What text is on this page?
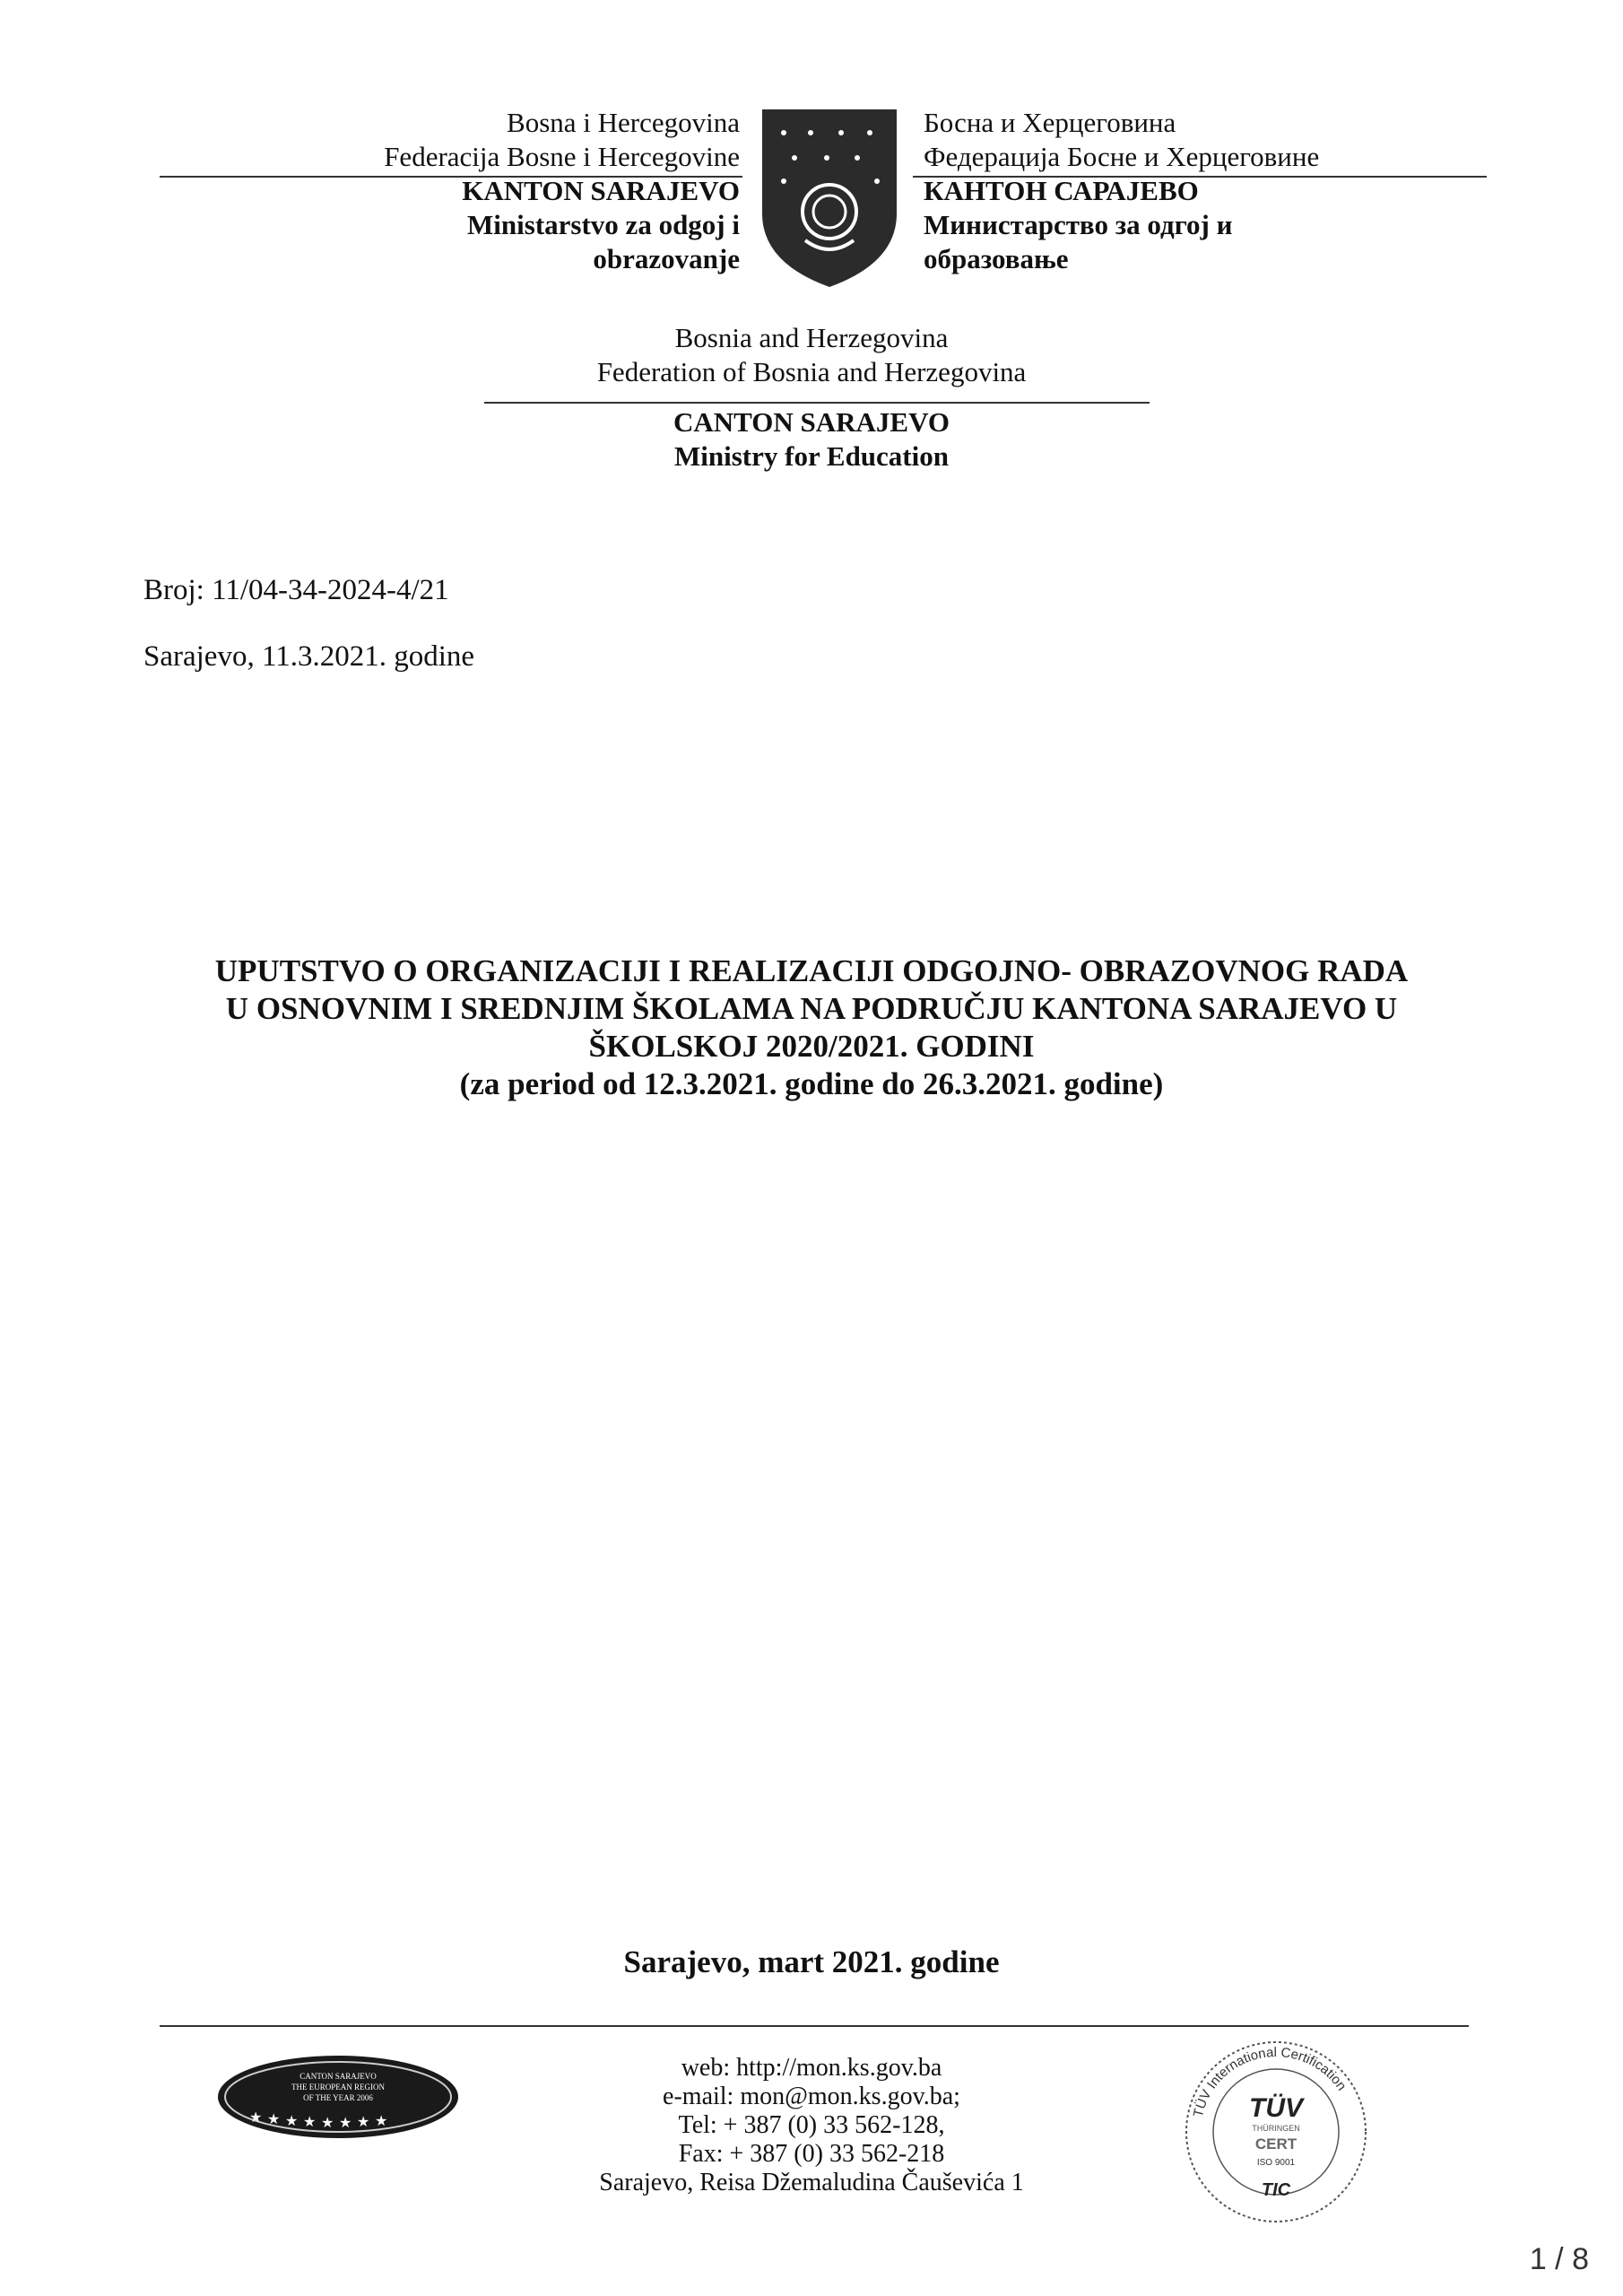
Bosna i Hercegovina
Federacija Bosne i Hercegovine
KANTON SARAJEVO
Ministarstvo za odgoj i
obrazovanje
Босна и Херцеговина
Федерација Босне и Херцеговине
КАНТОН САРАЈЕВО
Министарство за одгој и
образовање
Bosnia and Herzegovina
Federation of Bosnia and Herzegovina
CANTON SARAJEVO
Ministry for Education
Broj: 11/04-34-2024-4/21
Sarajevo, 11.3.2021. godine
UPUTSTVO O ORGANIZACIJI I REALIZACIJI ODGOJNO- OBRAZOVNOG RADA
U OSNOVNIM I SREDNJIM ŠKOLAMA NA PODRUČJU KANTONA SARAJEVO U
ŠKOLSKOJ 2020/2021. GODINI
(za period od 12.3.2021. godine do 26.3.2021. godine)
Sarajevo, mart 2021. godine
CANTON SARAJEVO
THE EUROPEAN REGION
OF THE YEAR 2006
★ ★ ★ ★ ★ ★ ★ ★
web: http://mon.ks.gov.ba
e-mail: mon@mon.ks.gov.ba;
Tel: + 387 (0) 33 562-128,
Fax: + 387 (0) 33 562-218
Sarajevo, Reisa Džemaludina Čauševića 1
TÜV International Certification
TÜV
THÜRINGEN
CERT
ISO 9001
TIC
1 / 8
